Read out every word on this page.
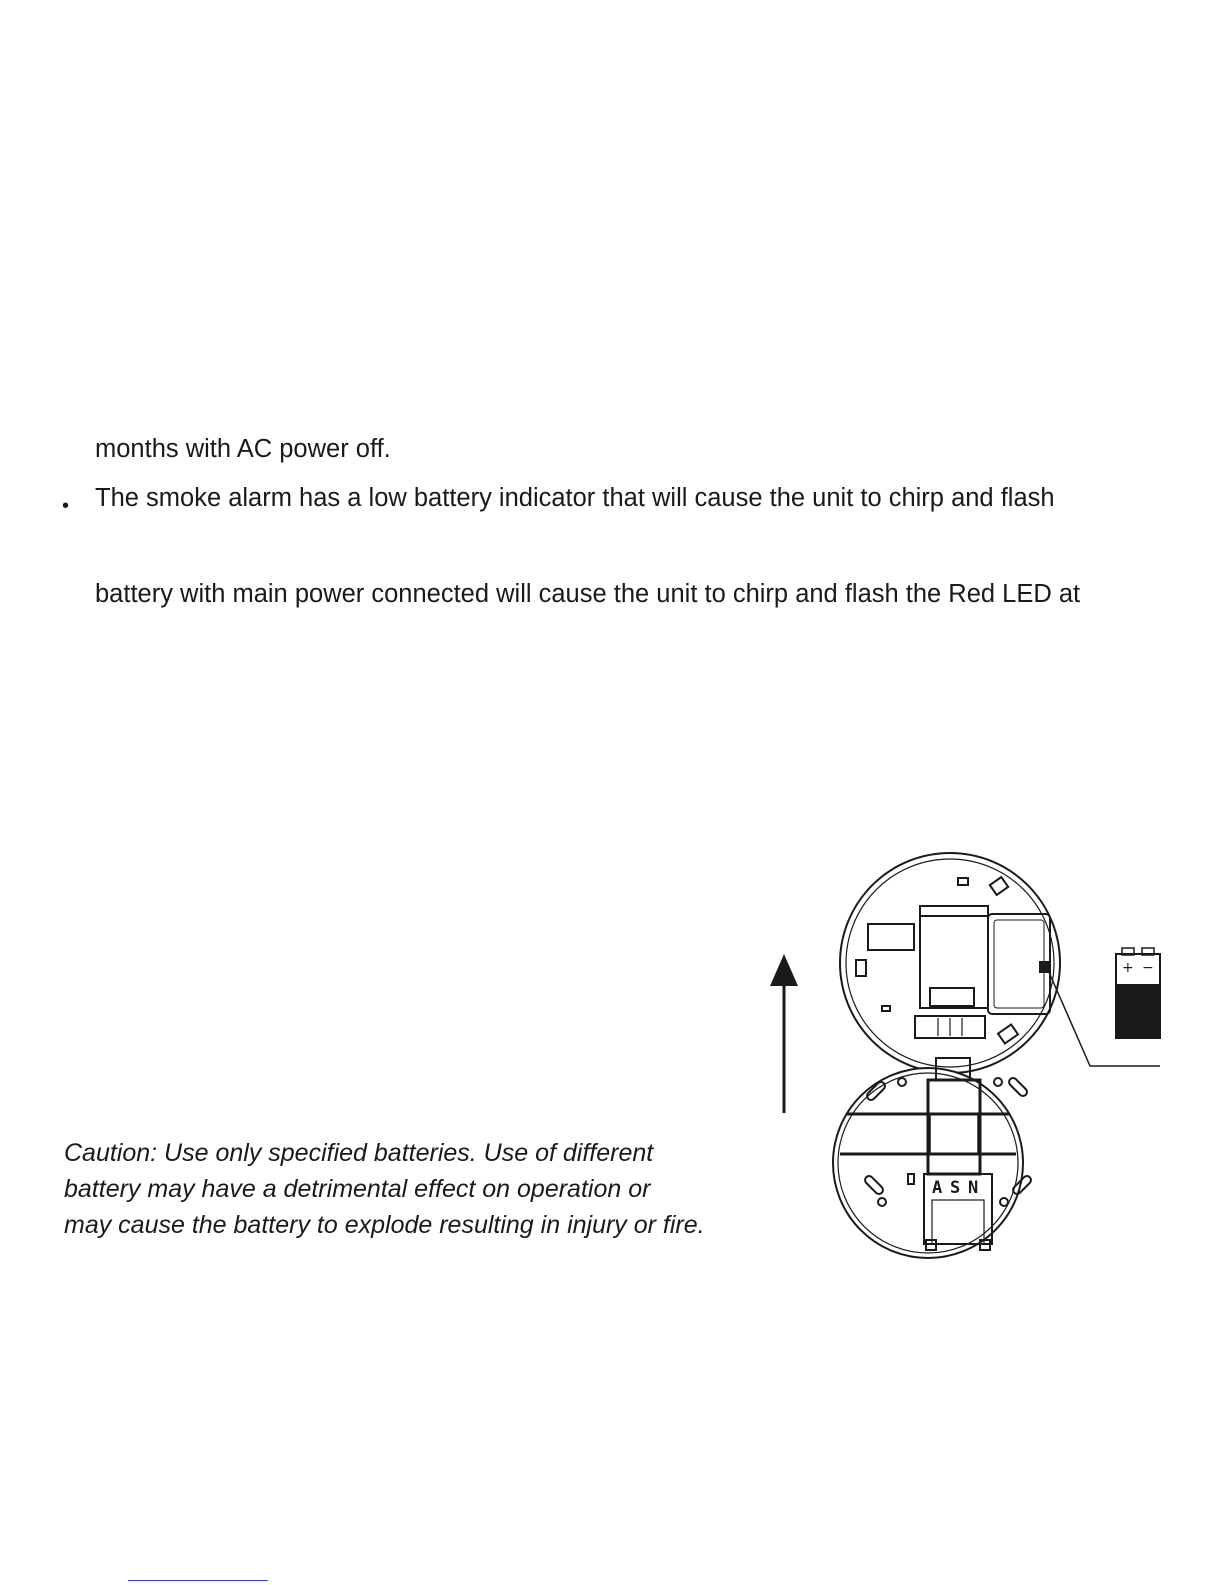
months with AC power off.
• The smoke alarm has a low battery indicator that will cause the unit to chirp and flash
battery with main power connected will cause the unit to chirp and flash the Red LED at
Caution: Use only specified batteries. Use of different
battery may have a detrimental effect on operation or
may cause the battery to explode resulting in injury or fire.
+ −
A S N
